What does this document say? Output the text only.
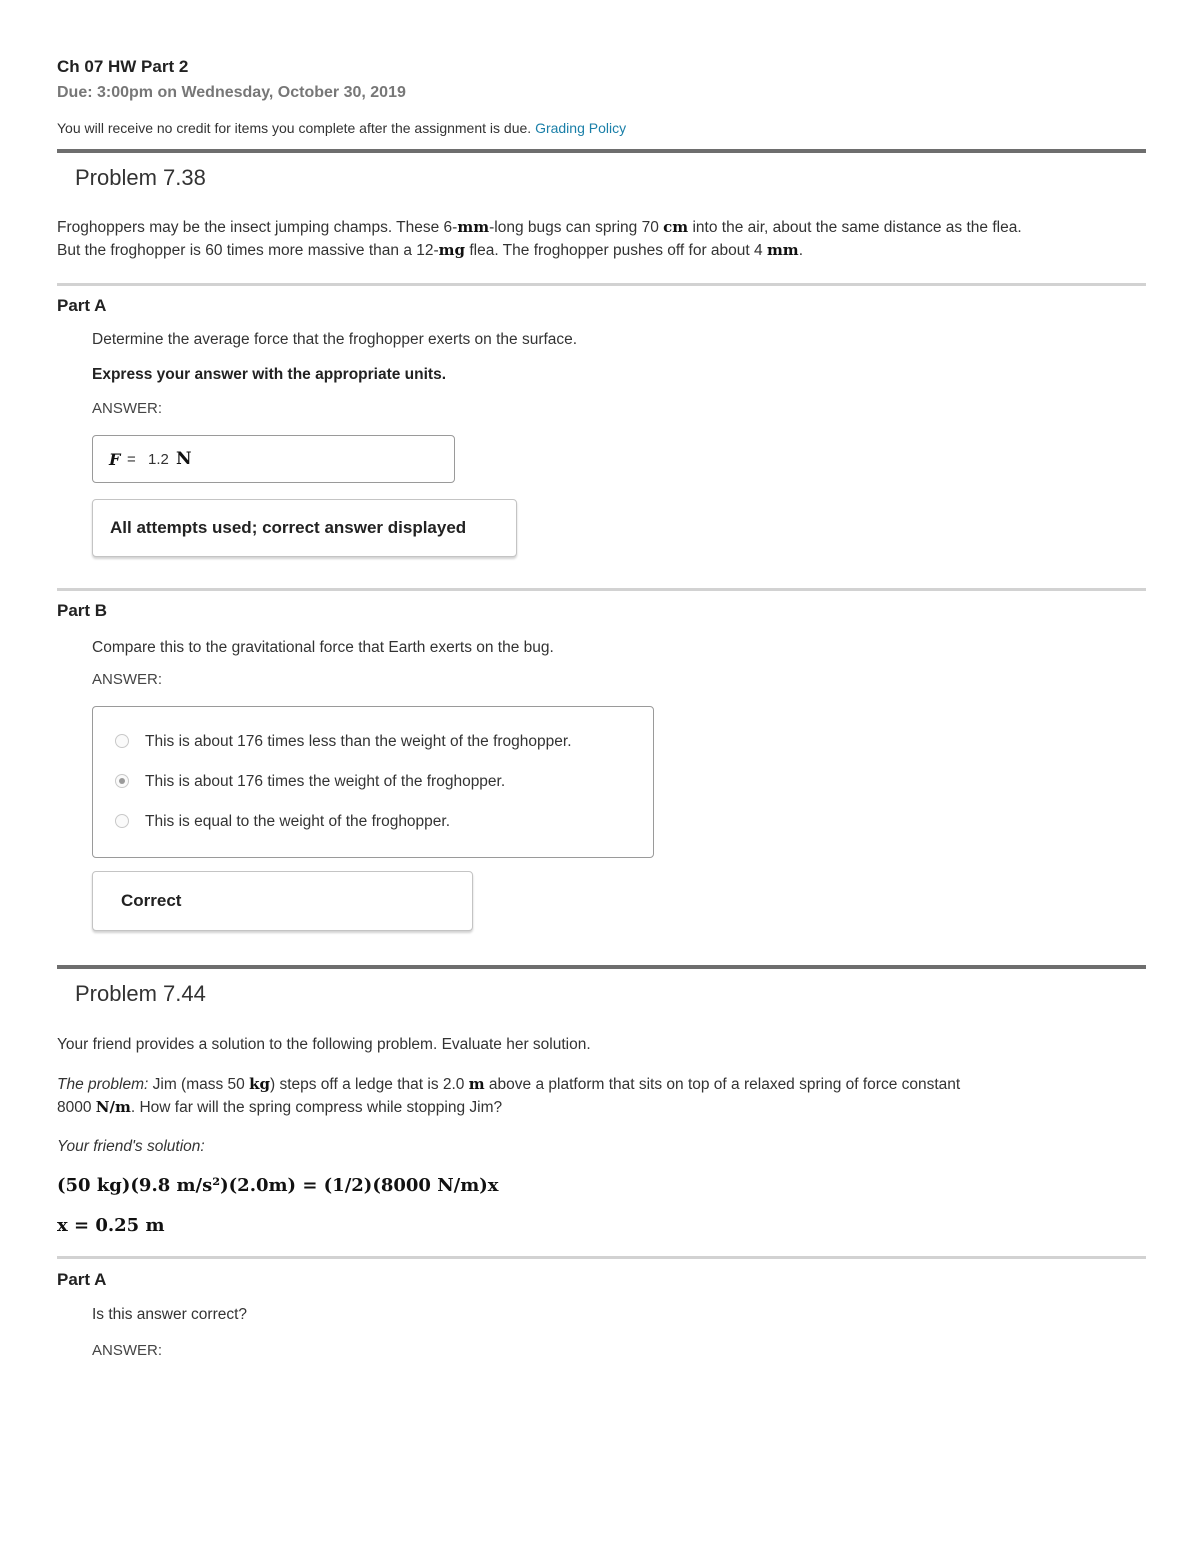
Ch 07 HW Part 2
Due: 3:00pm on Wednesday, October 30, 2019
You will receive no credit for items you complete after the assignment is due. Grading Policy
Problem 7.38
Froghoppers may be the insect jumping champs. These 6-mm-long bugs can spring 70 cm into the air, about the same distance as the flea.
But the froghopper is 60 times more massive than a 12-mg flea. The froghopper pushes off for about 4 mm.
Part A
Determine the average force that the froghopper exerts on the surface.
Express your answer with the appropriate units.
ANSWER:
F = 1.2 N
All attempts used; correct answer displayed
Part B
Compare this to the gravitational force that Earth exerts on the bug.
ANSWER:
This is about 176 times less than the weight of the froghopper.
This is about 176 times the weight of the froghopper.
This is equal to the weight of the froghopper.
Correct
Problem 7.44
Your friend provides a solution to the following problem. Evaluate her solution.
The problem: Jim (mass 50 kg) steps off a ledge that is 2.0 m above a platform that sits on top of a relaxed spring of force constant
8000 N/m. How far will the spring compress while stopping Jim?
Your friend's solution:
(50 kg)(9.8 m/s²)(2.0m) = (1/2)(8000 N/m)x
x = 0.25 m
Part A
Is this answer correct?
ANSWER:
